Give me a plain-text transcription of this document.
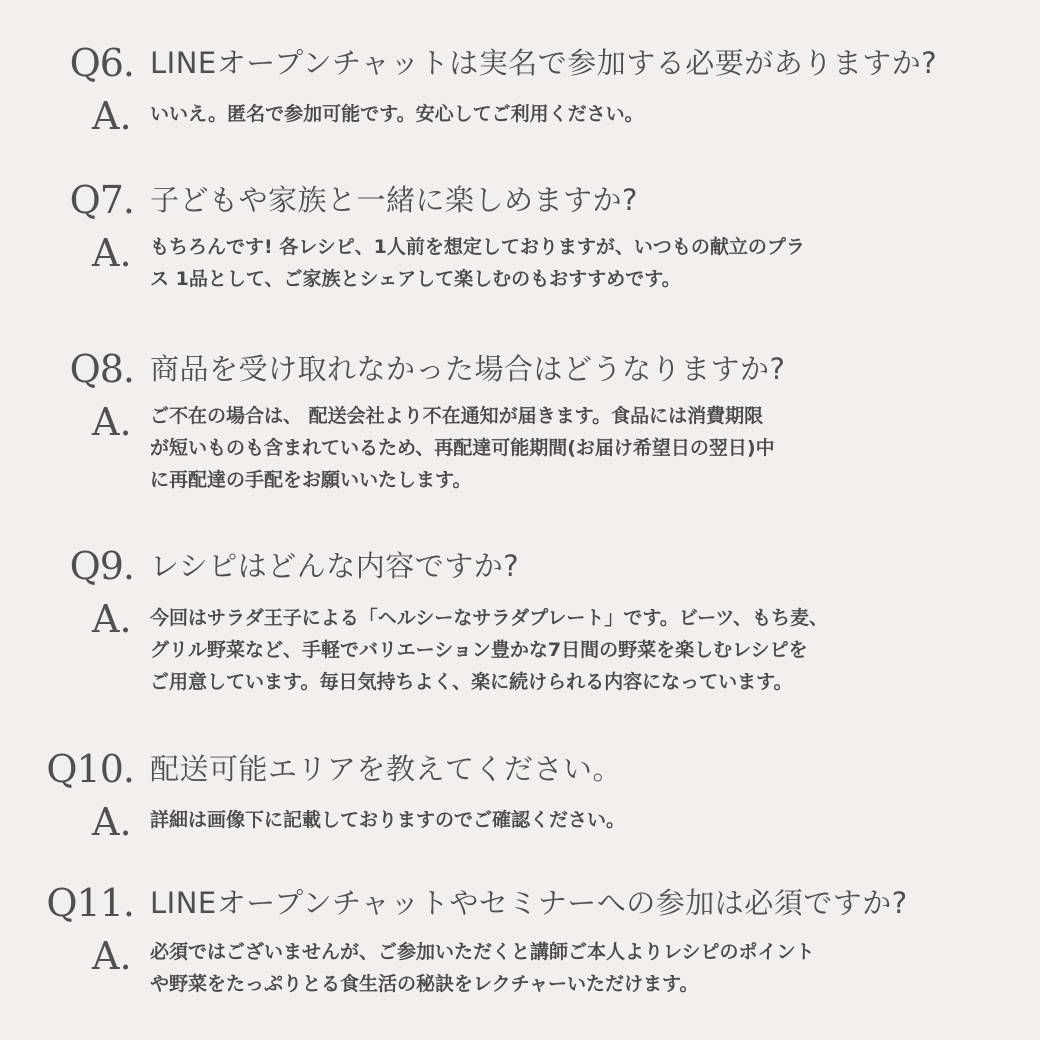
Q6. LINEオープンチャットは実名で参加する必要がありますか?
A. いいえ。匿名で参加可能です。安心してご利用ください。
Q7. 子どもや家族と一緒に楽しめますか?
A. もちろんです! 各レシピ、1人前を想定しておりますが、いつもの献立のプラ
ス 1品として、ご家族とシェアして楽しむのもおすすめです。
Q8. 商品を受け取れなかった場合はどうなりますか?
A. ご不在の場合は、 配送会社より不在通知が届きます。食品には消費期限
が短いものも含まれているため、再配達可能期間(お届け希望日の翌日)中
に再配達の手配をお願いいたします。
Q9. レシピはどんな内容ですか?
A. 今回はサラダ王子による「ヘルシーなサラダプレート」です。ビーツ、もち麦、
グリル野菜など、手軽でバリエーション豊かな7日間の野菜を楽しむレシピを
ご用意しています。毎日気持ちよく、楽に続けられる内容になっています。
Q10. 配送可能エリアを教えてください。
A. 詳細は画像下に記載しておりますのでご確認ください。
Q11. LINEオープンチャットやセミナーへの参加は必須ですか?
A. 必須ではございませんが、ご参加いただくと講師ご本人よりレシピのポイント
や野菜をたっぷりとる食生活の秘訣をレクチャーいただけます。
